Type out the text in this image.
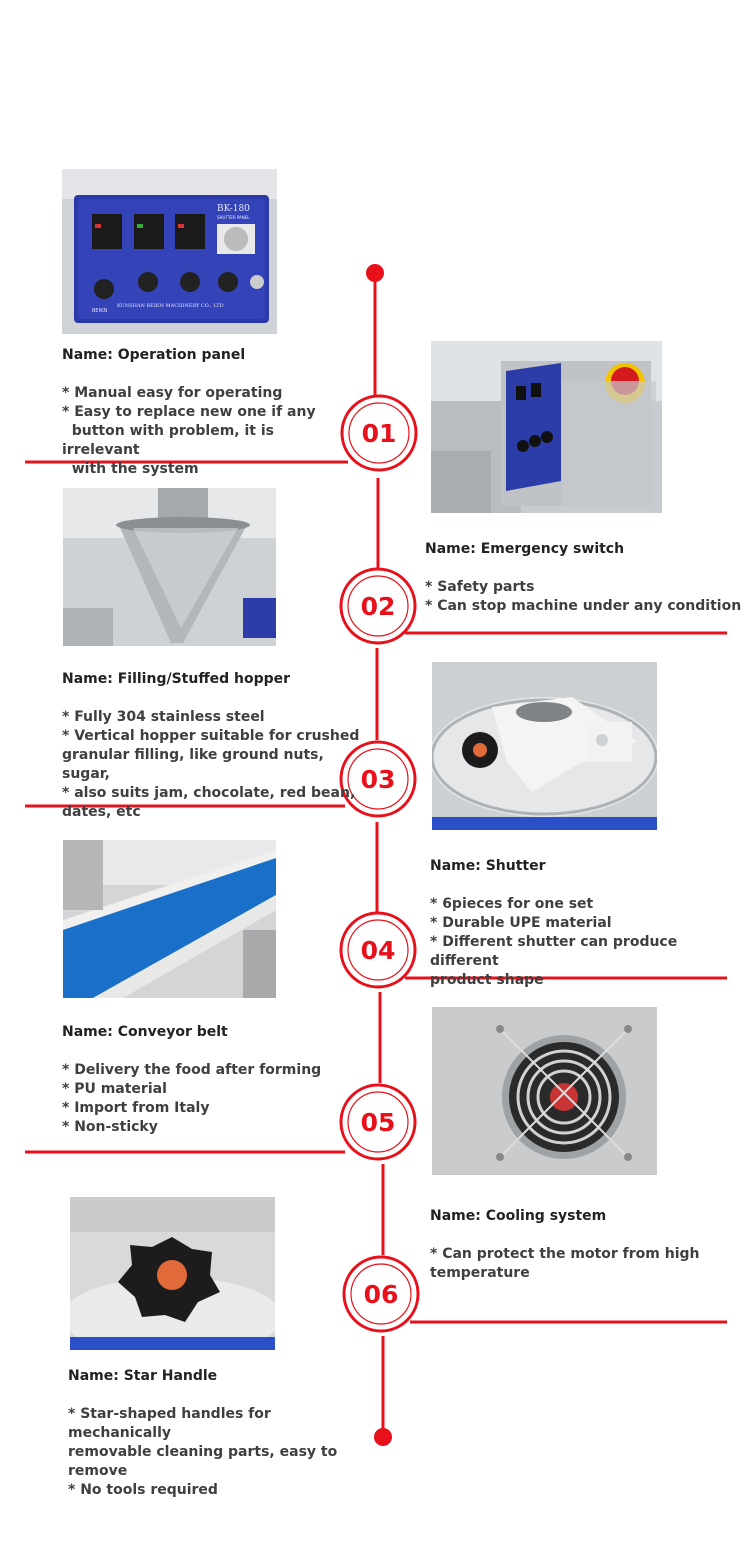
01
02
03
04
05
06
BK-180
SHUTTER PANEL
KUNSHAN BEIKN MACHINERY CO., LTD
BEIKN
Name: Operation panel
* Manual easy for operating
* Easy to replace new one if any
button with problem, it is irrelevant
with the system
Name: Emergency switch
* Safety parts
* Can stop machine under any condition
Name: Filling/Stuffed hopper
* Fully 304 stainless steel
* Vertical hopper suitable for crushed
granular filling, like ground nuts, sugar,
* also suits jam, chocolate, red bean,
dates, etc
Name: Shutter
* 6pieces for one set
* Durable UPE material
* Different shutter can produce different
product shape
Name: Conveyor belt
* Delivery the food after forming
* PU material
* Import from Italy
* Non-sticky
Name: Cooling system
* Can protect the motor from high
temperature
Name: Star Handle
* Star-shaped handles for mechanically
removable cleaning parts, easy to
remove
* No tools required
